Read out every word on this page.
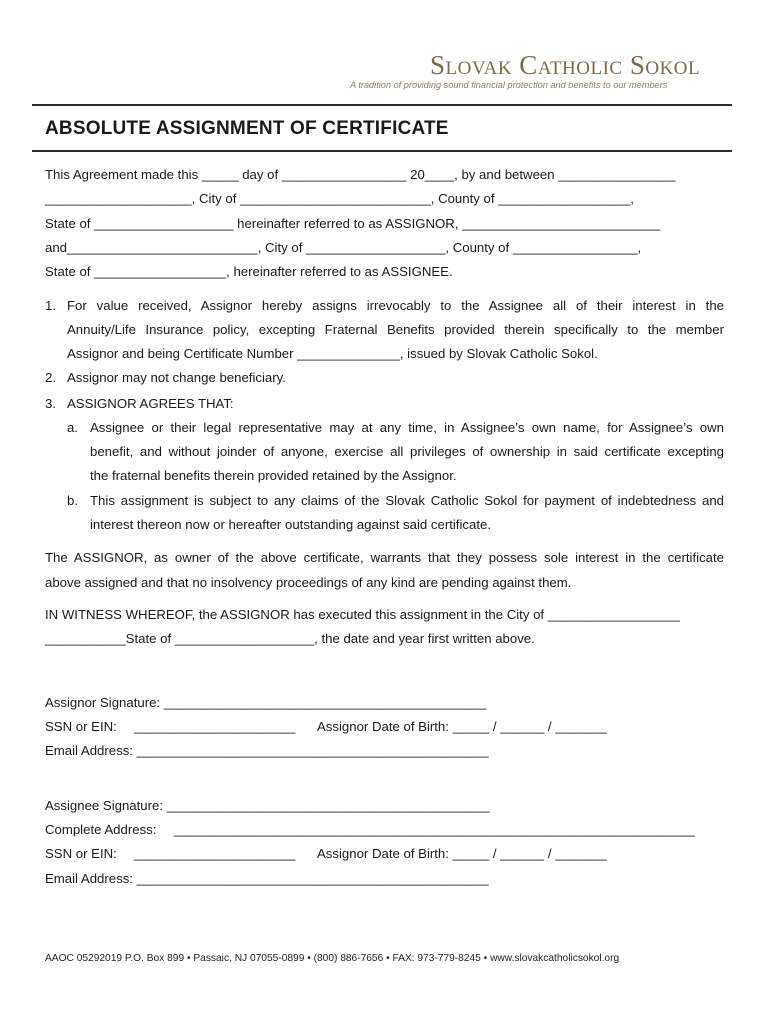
Slovak Catholic Sokol
A tradition of providing sound financial protection and benefits to our members
ABSOLUTE ASSIGNMENT OF CERTIFICATE
This Agreement made this _____ day of _________________ 20____, by and between ________________
____________________, City of __________________________, County of __________________,
State of ___________________ hereinafter referred to as ASSIGNOR, ___________________________
and__________________________, City of ___________________, County of _________________,
State of __________________, hereinafter referred to as ASSIGNEE.
1. For value received, Assignor hereby assigns irrevocably to the Assignee all of their interest in the
Annuity/Life Insurance policy, excepting Fraternal Benefits provided therein specifically to the member
Assignor and being Certificate Number ______________, issued by Slovak Catholic Sokol.
2. Assignor may not change beneficiary.
3. ASSIGNOR AGREES THAT:
a. Assignee or their legal representative may at any time, in Assignee’s own name, for Assignee’s own
benefit, and without joinder of anyone, exercise all privileges of ownership in said certificate excepting
the fraternal benefits therein provided retained by the Assignor.
b. This assignment is subject to any claims of the Slovak Catholic Sokol for payment of indebtedness and
interest thereon now or hereafter outstanding against said certificate.
The ASSIGNOR, as owner of the above certificate, warrants that they possess sole interest in the certificate
above assigned and that no insolvency proceedings of any kind are pending against them.
IN WITNESS WHEREOF, the ASSIGNOR has executed this assignment in the City of __________________
___________State of ___________________, the date and year first written above.
Assignor Signature: ____________________________________________
SSN or EIN: ______________________ Assignor Date of Birth: _____ / ______ / _______
Email Address: ________________________________________________
Assignee Signature: ____________________________________________
Complete Address: _______________________________________________________________________
SSN or EIN: ______________________ Assignor Date of Birth: _____ / ______ / _______
Email Address: ________________________________________________
AAOC 05292019 P.O. Box 899 • Passaic, NJ 07055-0899 • (800) 886-7656 • FAX: 973-779-8245 • www.slovakcatholicsokol.org
